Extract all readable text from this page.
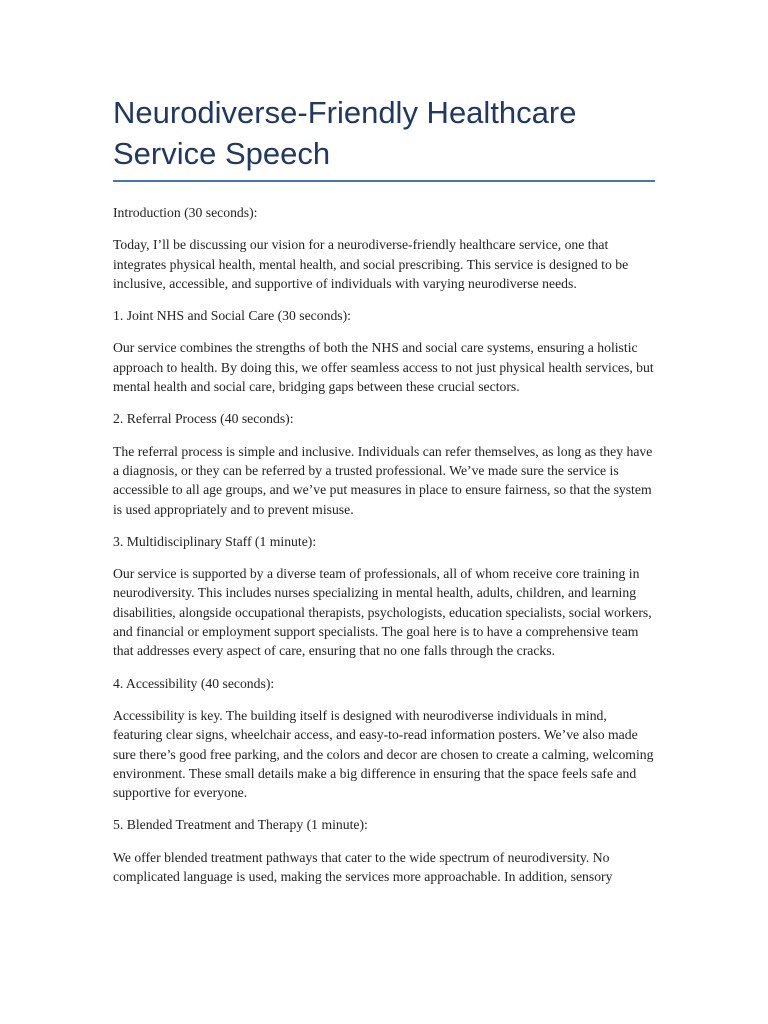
Neurodiverse-Friendly Healthcare Service Speech

Introduction (30 seconds):

Today, I’ll be discussing our vision for a neurodiverse-friendly healthcare service, one that integrates physical health, mental health, and social prescribing. This service is designed to be inclusive, accessible, and supportive of individuals with varying neurodiverse needs.

1. Joint NHS and Social Care (30 seconds):

Our service combines the strengths of both the NHS and social care systems, ensuring a holistic approach to health. By doing this, we offer seamless access to not just physical health services, but mental health and social care, bridging gaps between these crucial sectors.

2. Referral Process (40 seconds):

The referral process is simple and inclusive. Individuals can refer themselves, as long as they have a diagnosis, or they can be referred by a trusted professional. We’ve made sure the service is accessible to all age groups, and we’ve put measures in place to ensure fairness, so that the system is used appropriately and to prevent misuse.

3. Multidisciplinary Staff (1 minute):

Our service is supported by a diverse team of professionals, all of whom receive core training in neurodiversity. This includes nurses specializing in mental health, adults, children, and learning disabilities, alongside occupational therapists, psychologists, education specialists, social workers, and financial or employment support specialists. The goal here is to have a comprehensive team that addresses every aspect of care, ensuring that no one falls through the cracks.

4. Accessibility (40 seconds):

Accessibility is key. The building itself is designed with neurodiverse individuals in mind, featuring clear signs, wheelchair access, and easy-to-read information posters. We’ve also made sure there’s good free parking, and the colors and decor are chosen to create a calming, welcoming environment. These small details make a big difference in ensuring that the space feels safe and supportive for everyone.

5. Blended Treatment and Therapy (1 minute):

We offer blended treatment pathways that cater to the wide spectrum of neurodiversity. No complicated language is used, making the services more approachable. In addition, sensory
